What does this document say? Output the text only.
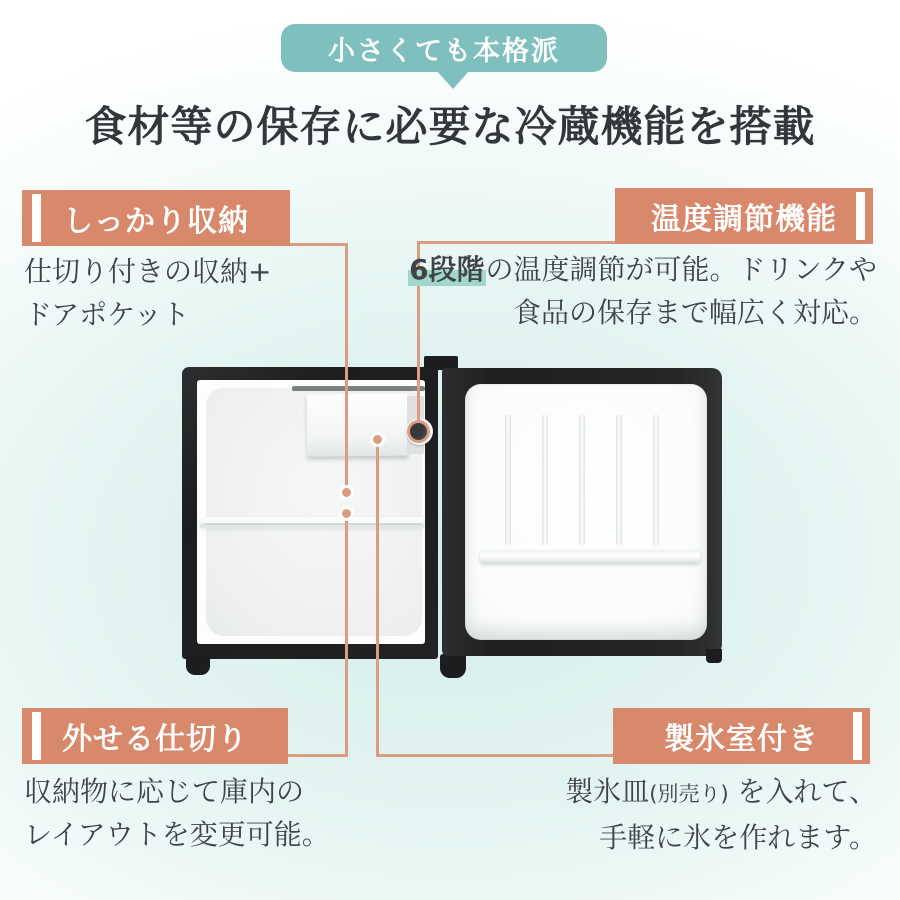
小さくても本格派
食材等の保存に必要な冷蔵機能を搭載
しっかり収納

仕切り付きの収納+
ドアポケット

温度調節機能

6段階の温度調節が可能。ドリンクや
食品の保存まで幅広く対応。

外せる仕切り

収納物に応じて庫内の
レイアウトを変更可能。

製氷室付き

製氷皿(別売り) を入れて、
手軽に氷を作れます。
